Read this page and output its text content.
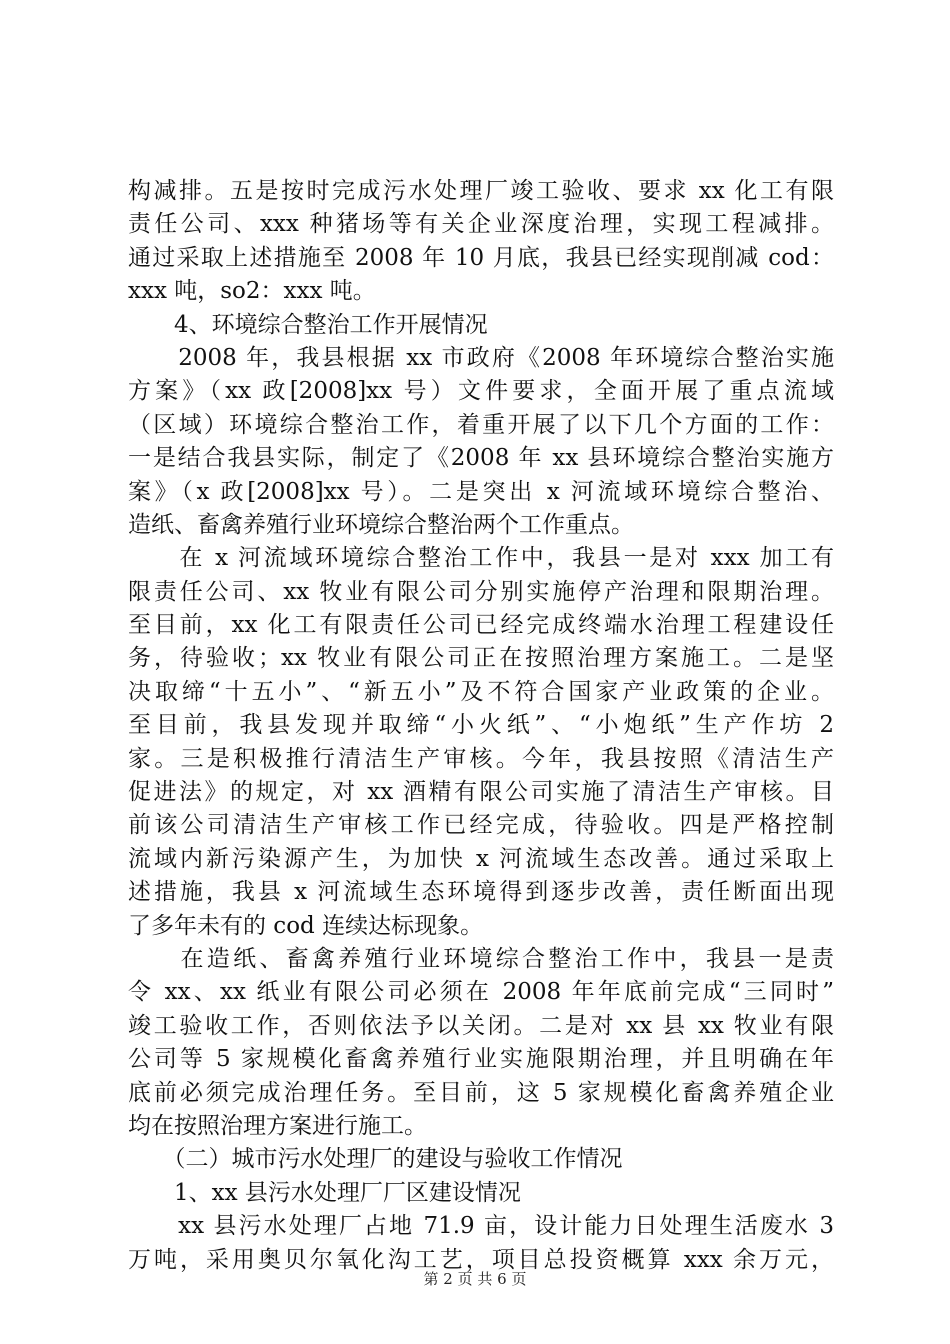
构减排。五是按时完成污水处理厂竣工验收、要求 xx 化工有限
责任公司、xxx 种猪场等有关企业深度治理，实现工程减排。
通过采取上述措施至 2008 年 10 月底，我县已经实现削减 cod：
xxx 吨，so2：xxx 吨。
　　4、环境综合整治工作开展情况
　　2008 年，我县根据 xx 市政府《2008 年环境综合整治实施
方案》（xx 政[2008]xx 号）文件要求，全面开展了重点流域
（区域）环境综合整治工作，着重开展了以下几个方面的工作：
一是结合我县实际，制定了《2008 年 xx 县环境综合整治实施方
案》（x 政[2008]xx 号）。二是突出 x 河流域环境综合整治、
造纸、畜禽养殖行业环境综合整治两个工作重点。
　　在 x 河流域环境综合整治工作中，我县一是对 xxx 加工有
限责任公司、xx 牧业有限公司分别实施停产治理和限期治理。
至目前，xx 化工有限责任公司已经完成终端水治理工程建设任
务，待验收；xx 牧业有限公司正在按照治理方案施工。二是坚
决取缔“十五小”、“新五小”及不符合国家产业政策的企业。
至目前，我县发现并取缔“小火纸”、“小炮纸”生产作坊 2
家。三是积极推行清洁生产审核。今年，我县按照《清洁生产
促进法》的规定，对 xx 酒精有限公司实施了清洁生产审核。目
前该公司清洁生产审核工作已经完成，待验收。四是严格控制
流域内新污染源产生，为加快 x 河流域生态改善。通过采取上
述措施，我县 x 河流域生态环境得到逐步改善，责任断面出现
了多年未有的 cod 连续达标现象。
　　在造纸、畜禽养殖行业环境综合整治工作中，我县一是责
令 xx、xx 纸业有限公司必须在 2008 年年底前完成“三同时”
竣工验收工作，否则依法予以关闭。二是对 xx 县 xx 牧业有限
公司等 5 家规模化畜禽养殖行业实施限期治理，并且明确在年
底前必须完成治理任务。至目前，这 5 家规模化畜禽养殖企业
均在按照治理方案进行施工。
　　（二）城市污水处理厂的建设与验收工作情况
　　1、xx 县污水处理厂厂区建设情况
　　xx 县污水处理厂占地 71.9 亩，设计能力日处理生活废水 3
万吨，采用奥贝尔氧化沟工艺，项目总投资概算 xxx 余万元，
第 2 页 共 6 页
